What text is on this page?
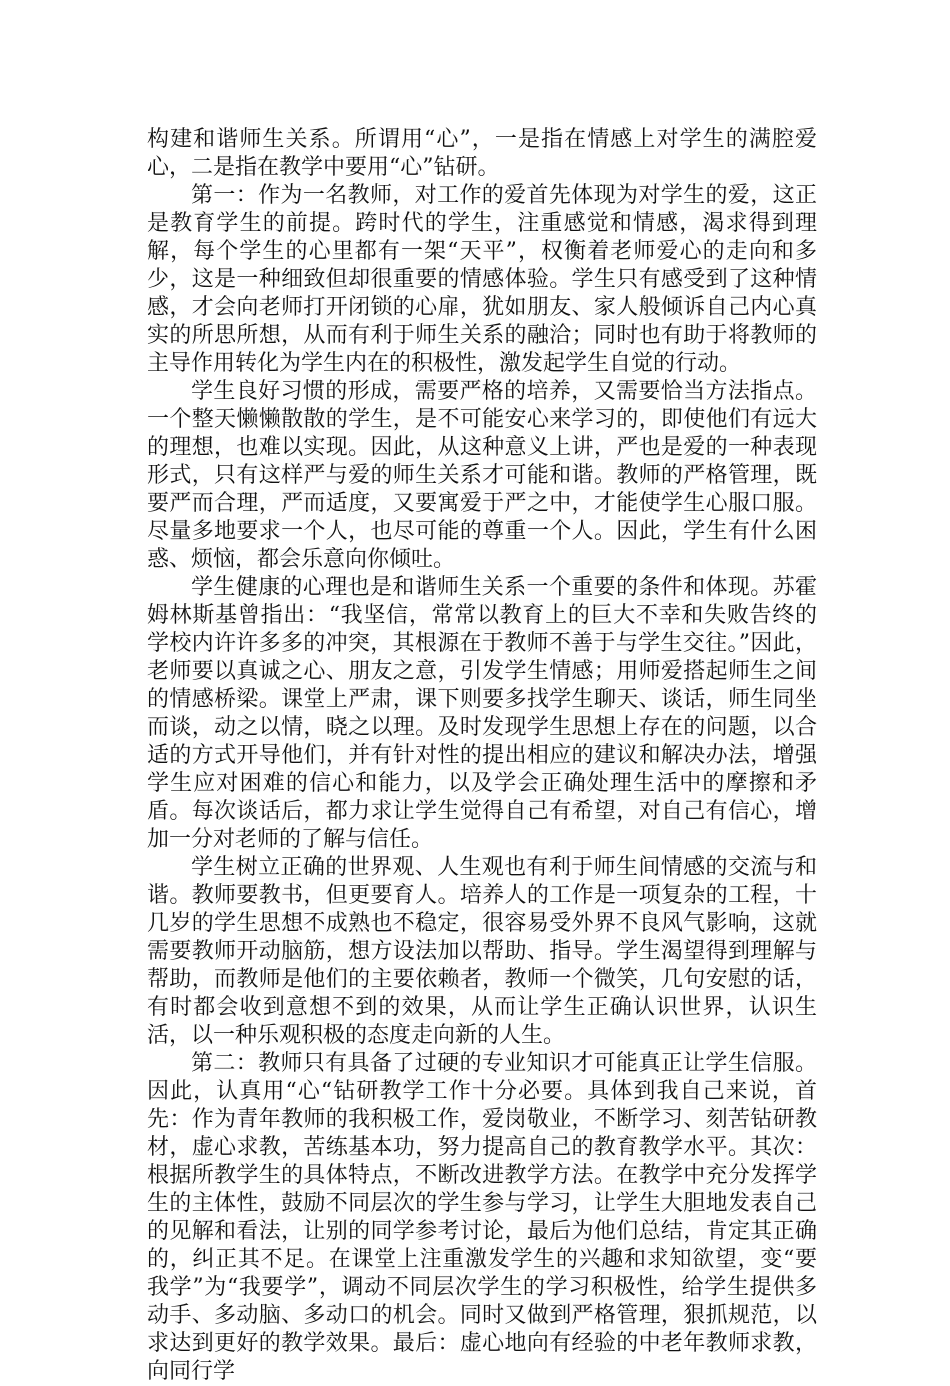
构建和谐师生关系。所谓用“心”，一是指在情感上对学生的满腔爱心，二是指在教学中要用“心”钻研。

第一：作为一名教师，对工作的爱首先体现为对学生的爱，这正是教育学生的前提。跨时代的学生，注重感觉和情感，渴求得到理解，每个学生的心里都有一架“天平”，权衡着老师爱心的走向和多少，这是一种细致但却很重要的情感体验。学生只有感受到了这种情感，才会向老师打开闭锁的心扉，犹如朋友、家人般倾诉自己内心真实的所思所想，从而有利于师生关系的融洽；同时也有助于将教师的主导作用转化为学生内在的积极性，激发起学生自觉的行动。

学生良好习惯的形成，需要严格的培养，又需要恰当方法指点。一个整天懒懒散散的学生，是不可能安心来学习的，即使他们有远大的理想，也难以实现。因此，从这种意义上讲，严也是爱的一种表现形式，只有这样严与爱的师生关系才可能和谐。教师的严格管理，既要严而合理，严而适度，又要寓爱于严之中，才能使学生心服口服。尽量多地要求一个人，也尽可能的尊重一个人。因此，学生有什么困惑、烦恼，都会乐意向你倾吐。

学生健康的心理也是和谐师生关系一个重要的条件和体现。苏霍姆林斯基曾指出：“我坚信，常常以教育上的巨大不幸和失败告终的学校内许许多多的冲突，其根源在于教师不善于与学生交往。”因此，老师要以真诚之心、朋友之意，引发学生情感；用师爱搭起师生之间的情感桥梁。课堂上严肃，课下则要多找学生聊天、谈话，师生同坐而谈，动之以情，晓之以理。及时发现学生思想上存在的问题，以合适的方式开导他们，并有针对性的提出相应的建议和解决办法，增强学生应对困难的信心和能力，以及学会正确处理生活中的摩擦和矛盾。每次谈话后，都力求让学生觉得自己有希望，对自己有信心，增加一分对老师的了解与信任。

学生树立正确的世界观、人生观也有利于师生间情感的交流与和谐。教师要教书，但更要育人。培养人的工作是一项复杂的工程，十几岁的学生思想不成熟也不稳定，很容易受外界不良风气影响，这就需要教师开动脑筋，想方设法加以帮助、指导。学生渴望得到理解与帮助，而教师是他们的主要依赖者，教师一个微笑，几句安慰的话，有时都会收到意想不到的效果，从而让学生正确认识世界，认识生活，以一种乐观积极的态度走向新的人生。

第二：教师只有具备了过硬的专业知识才可能真正让学生信服。因此，认真用“心“钻研教学工作十分必要。具体到我自己来说，首先：作为青年教师的我积极工作，爱岗敬业，不断学习、刻苦钻研教材，虚心求教，苦练基本功，努力提高自己的教育教学水平。其次：根据所教学生的具体特点，不断改进教学方法。在教学中充分发挥学生的主体性，鼓励不同层次的学生参与学习，让学生大胆地发表自己的见解和看法，让别的同学参考讨论，最后为他们总结，肯定其正确的，纠正其不足。在课堂上注重激发学生的兴趣和求知欲望，变“要我学”为“我要学”，调动不同层次学生的学习积极性，给学生提供多动手、多动脑、多动口的机会。同时又做到严格管理，狠抓规范，以求达到更好的教学效果。最后：虚心地向有经验的中老年教师求教，向同行学
